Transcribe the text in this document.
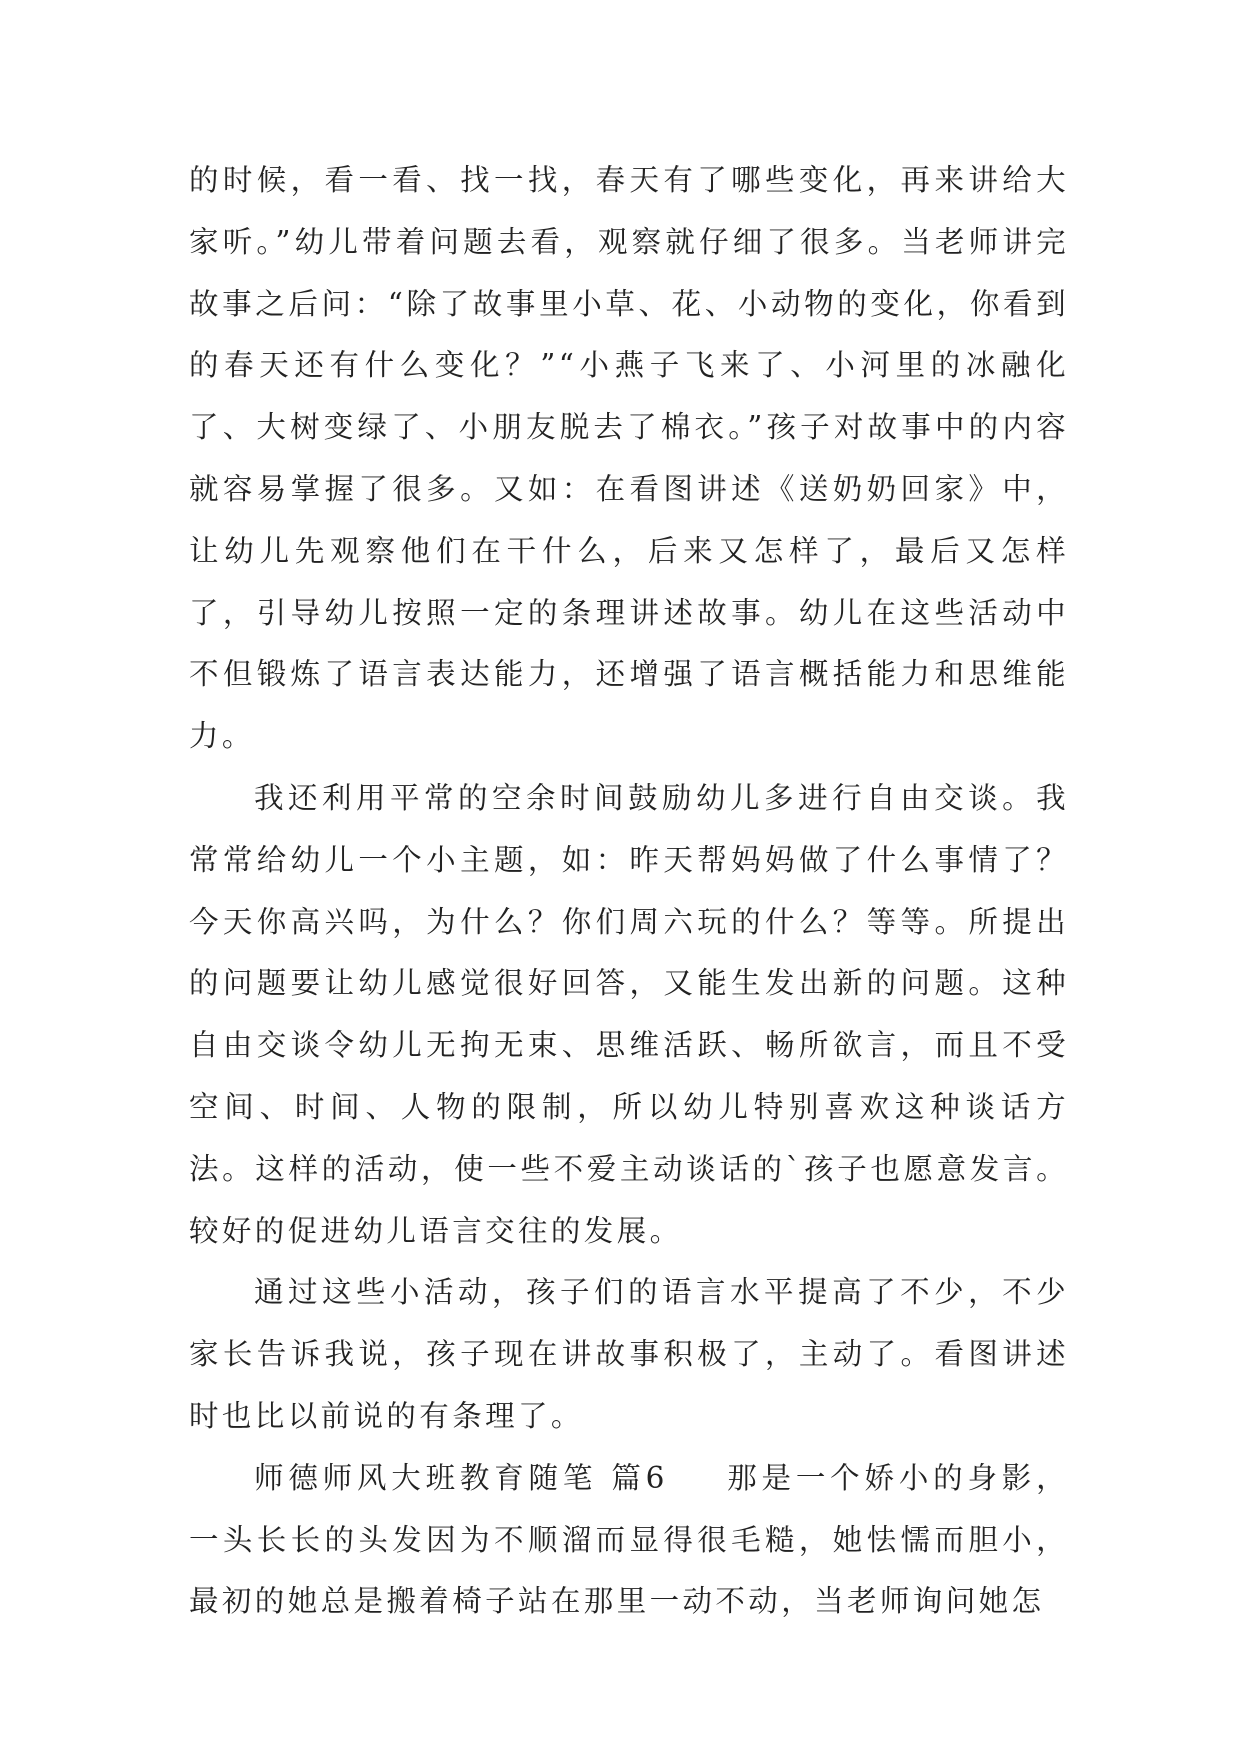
的时候，看一看、找一找，春天有了哪些变化，再来讲给大家听。”幼儿带着问题去看，观察就仔细了很多。当老师讲完故事之后问：“除了故事里小草、花、小动物的变化，你看到的春天还有什么变化？”“小燕子飞来了、小河里的冰融化了、大树变绿了、小朋友脱去了棉衣。”孩子对故事中的内容就容易掌握了很多。又如：在看图讲述《送奶奶回家》中，让幼儿先观察他们在干什么，后来又怎样了，最后又怎样了，引导幼儿按照一定的条理讲述故事。幼儿在这些活动中不但锻炼了语言表达能力，还增强了语言概括能力和思维能力。

我还利用平常的空余时间鼓励幼儿多进行自由交谈。我常常给幼儿一个小主题，如：昨天帮妈妈做了什么事情了？今天你高兴吗，为什么？你们周六玩的什么？等等。所提出的问题要让幼儿感觉很好回答，又能生发出新的问题。这种自由交谈令幼儿无拘无束、思维活跃、畅所欲言，而且不受空间、时间、人物的限制，所以幼儿特别喜欢这种谈话方法。这样的活动，使一些不爱主动谈话的`孩子也愿意发言。较好的促进幼儿语言交往的发展。

通过这些小活动，孩子们的语言水平提高了不少，不少家长告诉我说，孩子现在讲故事积极了，主动了。看图讲述时也比以前说的有条理了。

师德师风大班教育随笔 篇6 那是一个娇小的身影，一头长长的头发因为不顺溜而显得很毛糙，她怯懦而胆小，最初的她总是搬着椅子站在那里一动不动，当老师询问她怎
